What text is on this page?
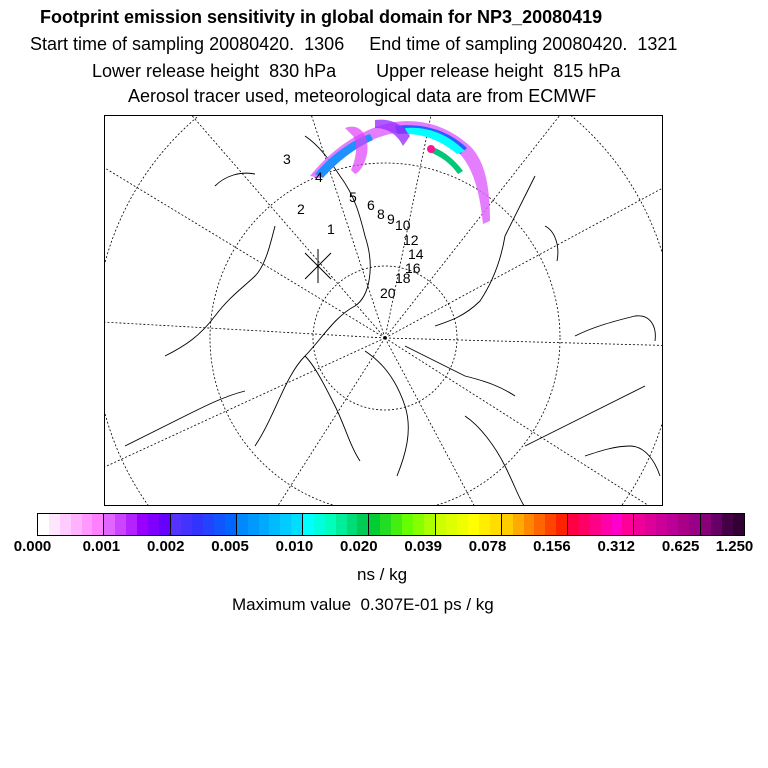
Footprint emission sensitivity in global domain for NP3_20080419
Start time of sampling 20080420.  1306     End time of sampling 20080420.  1321
Lower release height  830 hPa        Upper release height  815 hPa
Aerosol tracer used, meteorological data are from ECMWF
1
2
3
4
5 6
8 9 10
12
14
16
18
20
0.000 0.001 0.002 0.005 0.010 0.020 0.039 0.078 0.156 0.312 0.625 1.250
ns / kg
Maximum value  0.307E-01 ps / kg
